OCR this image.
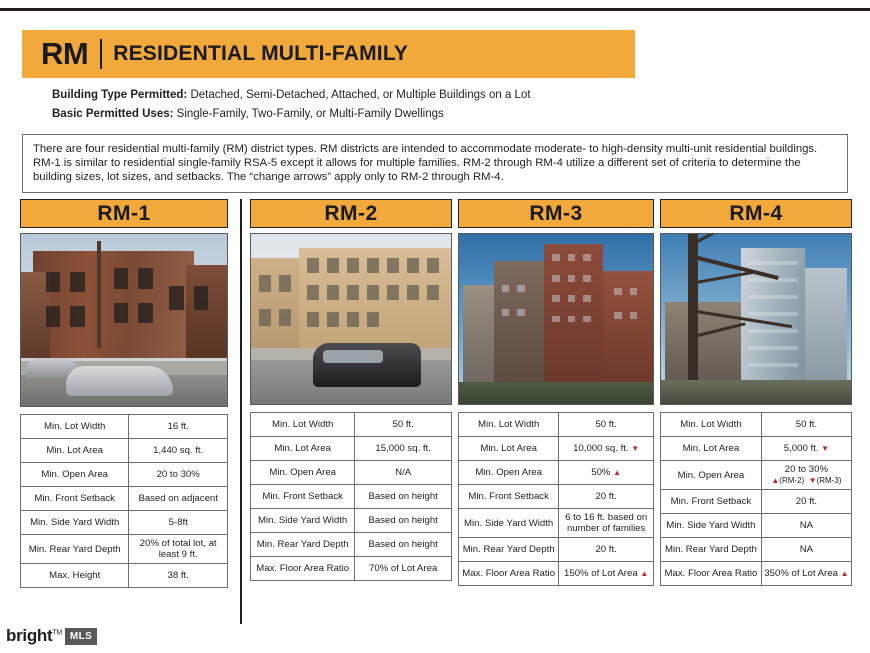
RM RESIDENTIAL MULTI-FAMILY
Building Type Permitted: Detached, Semi-Detached, Attached, or Multiple Buildings on a Lot
Basic Permitted Uses: Single-Family, Two-Family, or Multi-Family Dwellings

There are four residential multi-family (RM) district types. RM districts are intended to accommodate moderate- to high-density multi-unit residential buildings. RM-1 is similar to residential single-family RSA-5 except it allows for multiple families. RM-2 through RM-4 utilize a different set of criteria to determine the building sizes, lot sizes, and setbacks. The “change arrows” apply only to RM-2 through RM-4.

RM-1
Min. Lot Width	16 ft.
Min. Lot Area	1,440 sq. ft.
Min. Open Area	20 to 30%
Min. Front Setback	Based on adjacent
Min. Side Yard Width	5-8ft
Min. Rear Yard Depth	20% of total lot, at least 9 ft.
Max. Height	38 ft.
RM-2
Min. Lot Width	50 ft.
Min. Lot Area	15,000 sq. ft.
Min. Open Area	N/A
Min. Front Setback	Based on height
Min. Side Yard Width	Based on height
Min. Rear Yard Depth	Based on height
Max. Floor Area Ratio	70% of Lot Area
RM-3
Min. Lot Width	50 ft.
Min. Lot Area	10,000 sq. ft. ▼
Min. Open Area	50% ▲
Min. Front Setback	20 ft.
Min. Side Yard Width	6 to 16 ft. based on number of families
Min. Rear Yard Depth	20 ft.
Max. Floor Area Ratio	150% of Lot Area ▲
RM-4
Min. Lot Width	50 ft.
Min. Lot Area	5,000 ft. ▼
Min. Open Area	20 to 30%
▲(RM-2) ▼(RM-3)
Min. Front Setback	20 ft.
Min. Side Yard Width	NA
Min. Rear Yard Depth	NA
Max. Floor Area Ratio	350% of Lot Area ▲
bright™ MLS
